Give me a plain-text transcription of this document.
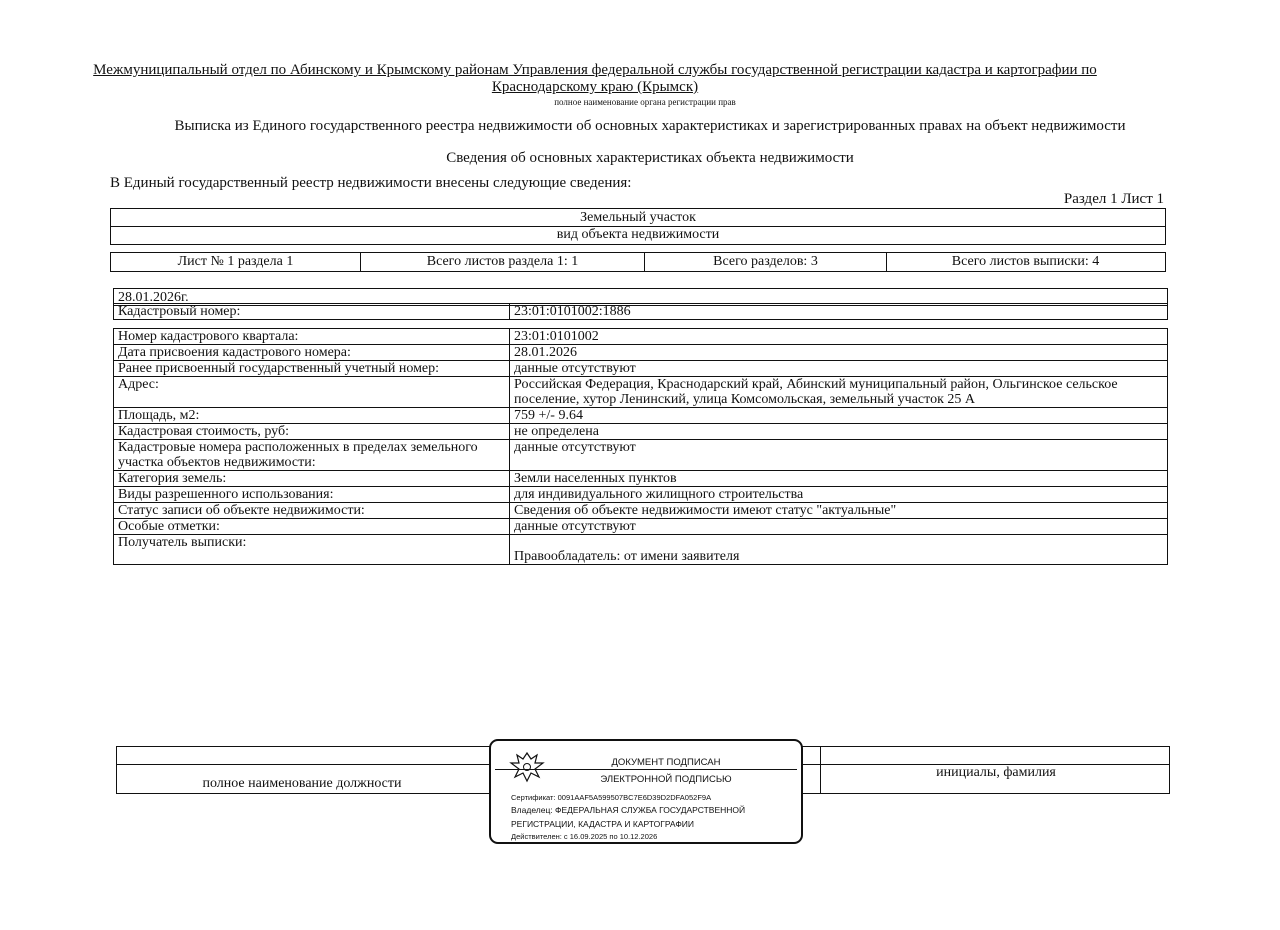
Межмуниципальный отдел по Абинскому и Крымскому районам Управления федеральной службы государственной регистрации кадастра и картографии по
Краснодарскому краю (Крымск)
полное наименование органа регистрации прав
Выписка из Единого государственного реестра недвижимости об основных характеристиках и зарегистрированных правах на объект недвижимости
Сведения об основных характеристиках объекта недвижимости
В Единый государственный реестр недвижимости внесены следующие сведения:
Раздел 1 Лист 1
Земельный участок
вид объекта недвижимости
Лист № 1 раздела 1	Всего листов раздела 1: 1	Всего разделов: 3	Всего листов выписки: 4
28.01.2026г.
Кадастровый номер:	23:01:0101002:1886
Номер кадастрового квартала:	23:01:0101002
Дата присвоения кадастрового номера:	28.01.2026
Ранее присвоенный государственный учетный номер:	данные отсутствуют
Адрес:	Российская Федерация, Краснодарский край, Абинский муниципальный район, Ольгинское сельское поселение, хутор Ленинский, улица Комсомольская, земельный участок 25 А
Площадь, м2:	759 +/- 9.64
Кадастровая стоимость, руб:	не определена
Кадастровые номера расположенных в пределах земельного участка объектов недвижимости:	данные отсутствуют
Категория земель:	Земли населенных пунктов
Виды разрешенного использования:	для индивидуального жилищного строительства
Статус записи об объекте недвижимости:	Сведения об объекте недвижимости имеют статус "актуальные"
Особые отметки:	данные отсутствуют
Получатель выписки:	Правообладатель: от имени заявителя
полное наименование должности
инициалы, фамилия
ДОКУМЕНТ ПОДПИСАН
ЭЛЕКТРОННОЙ ПОДПИСЬЮ
Сертификат: 0091AAF5A599507BC7E6D39D2DFA052F9A
Владелец: ФЕДЕРАЛЬНАЯ СЛУЖБА ГОСУДАРСТВЕННОЙ
РЕГИСТРАЦИИ, КАДАСТРА И КАРТОГРАФИИ
Действителен: с 16.09.2025 по 10.12.2026
